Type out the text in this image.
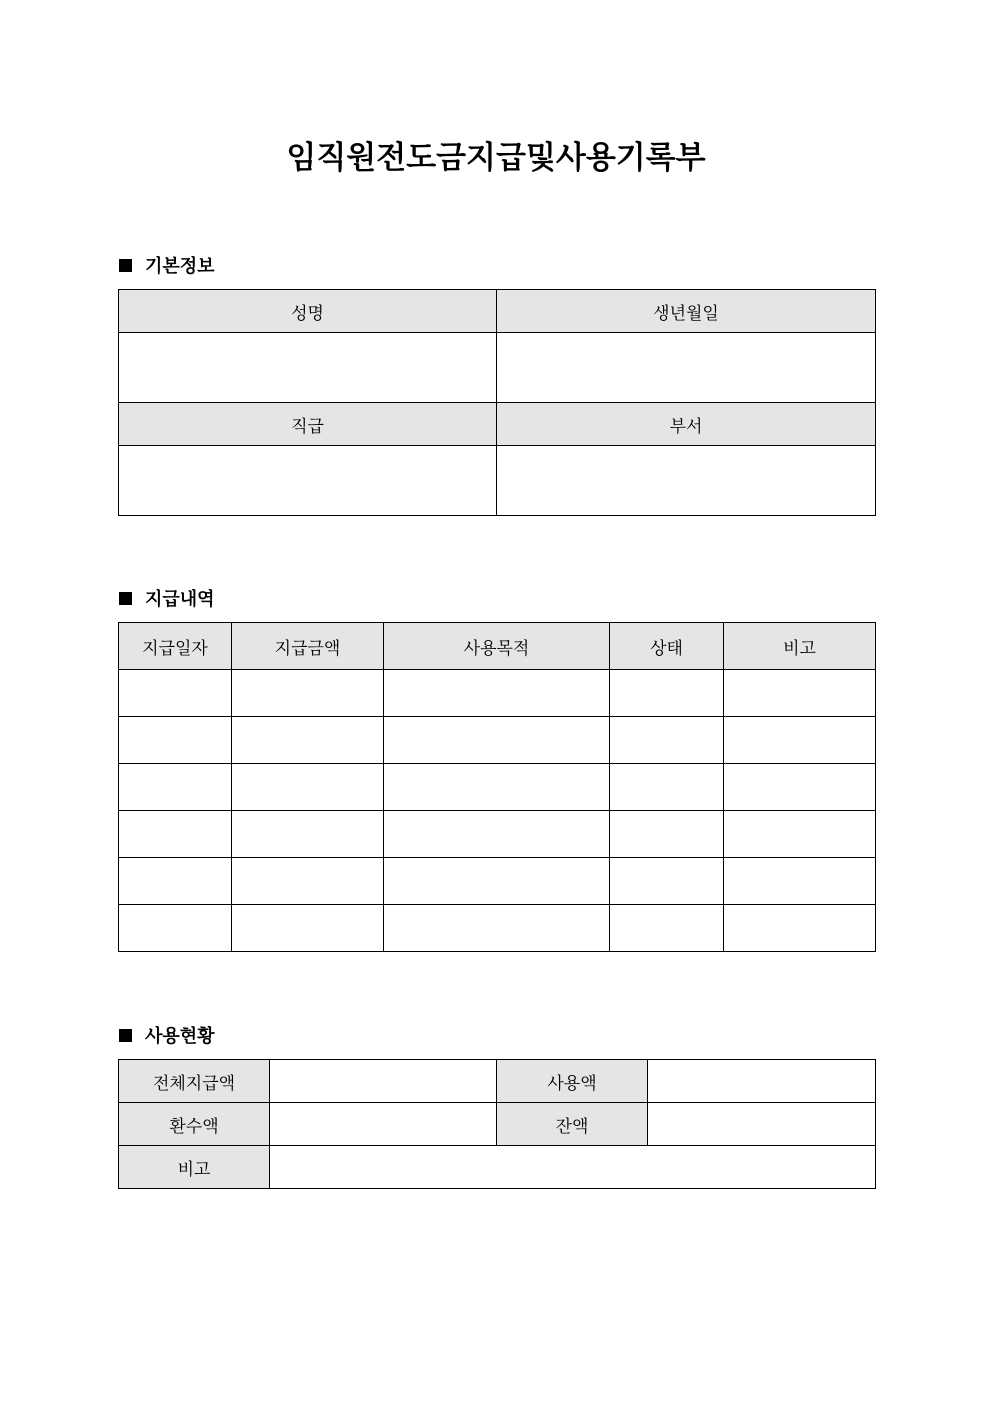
임직원전도금지급및사용기록부
기본정보
성명	생년월일

직급	부서

지급내역
지급일자	지급금액	사용목적	상태	비고

사용현황
전체지급액		사용액	
환수액		잔액	
비고			
